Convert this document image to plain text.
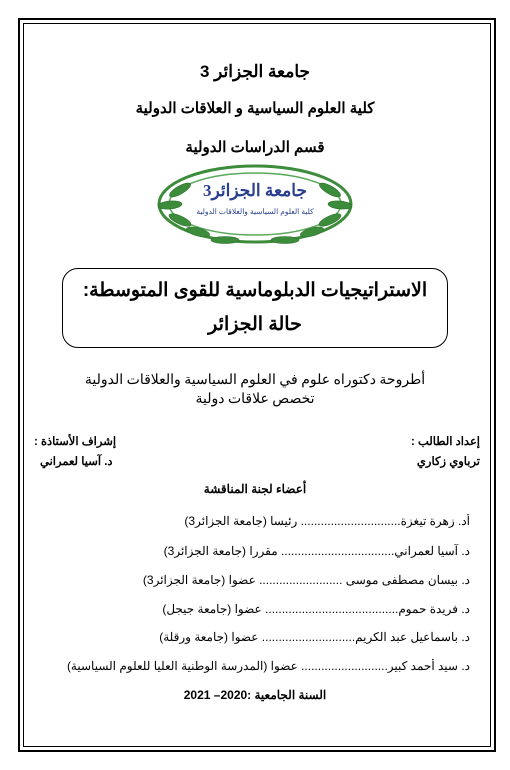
جامعة الجزائر 3
كلية العلوم السياسية و العلاقات الدولية
قسم الدراسات الدولية
جامعة الجزائر3
كلية العلوم السياسية والعلاقات الدولية
الاستراتيجيات الدبلوماسية للقوى المتوسطة:
حالة الجزائر
أطروحة دكتوراه علوم في العلوم السياسية والعلاقات الدولية
تخصص علاقات دولية
إعداد الطالب :
ترباوي زكاري
إشراف الأستاذة :
د. آسيا لعمراني
أعضاء لجنة المناقشة
أد. زهرة تيغزة.............................. رئيسا (جامعة الجزائر3)
د. آسيا لعمراني.................................. مقررا (جامعة الجزائر3)
د. بيسان مصطفى موسى ......................... عضوا (جامعة الجزائر3)
د. فريدة حموم........................................ عضوا (جامعة جيجل)
د. باسماعيل عبد الكريم............................ عضوا (جامعة ورقلة)
د. سيد أحمد كبير.......................... عضوا (المدرسة الوطنية العليا للعلوم السياسية)
السنة الجامعية :2020– 2021
